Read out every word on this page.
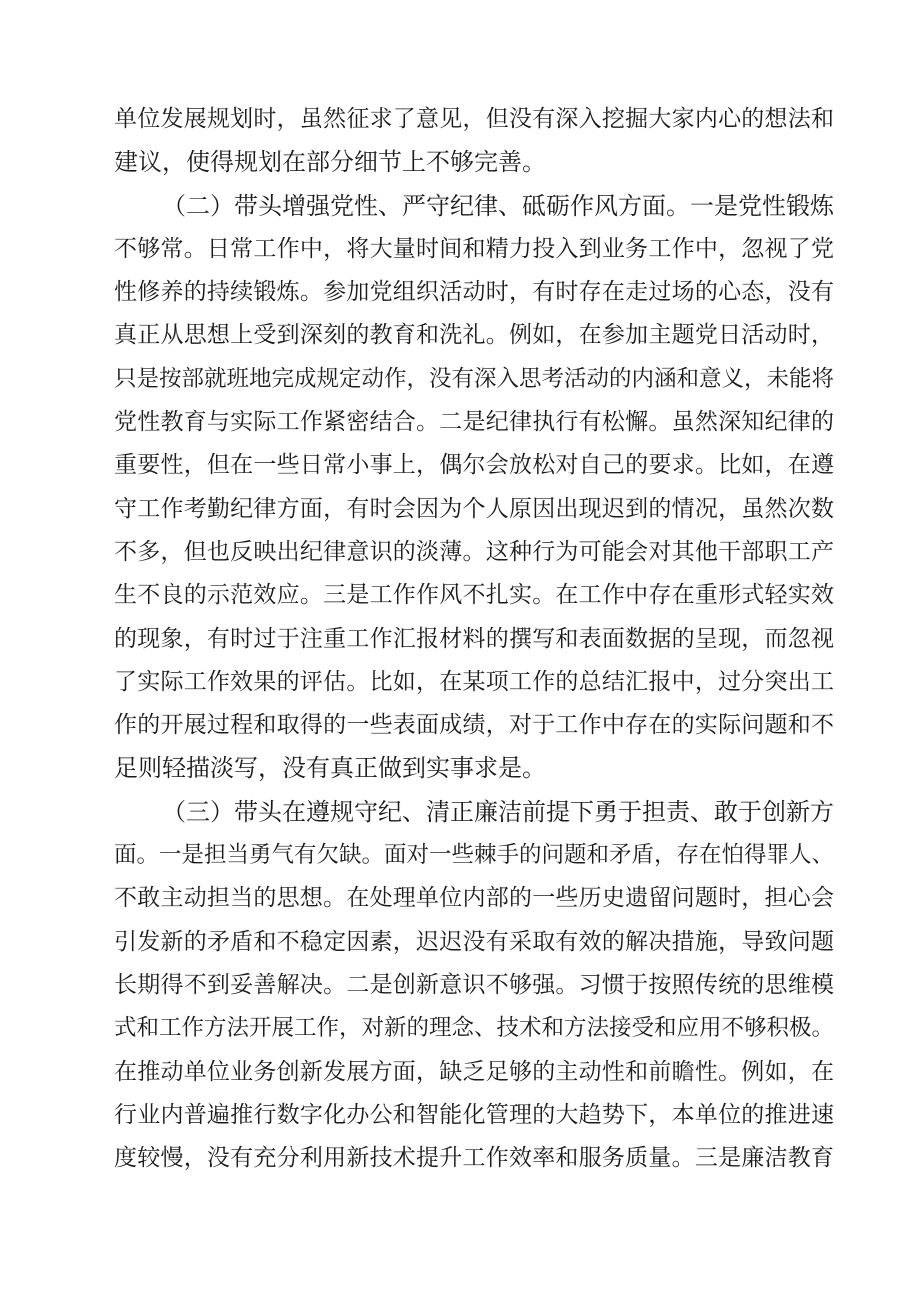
单位发展规划时，虽然征求了意见，但没有深入挖掘大家内心的想法和
建议，使得规划在部分细节上不够完善。
（二）带头增强党性、严守纪律、砥砺作风方面。一是党性锻炼
不够常。日常工作中，将大量时间和精力投入到业务工作中，忽视了党
性修养的持续锻炼。参加党组织活动时，有时存在走过场的心态，没有
真正从思想上受到深刻的教育和洗礼。例如，在参加主题党日活动时，
只是按部就班地完成规定动作，没有深入思考活动的内涵和意义，未能将
党性教育与实际工作紧密结合。二是纪律执行有松懈。虽然深知纪律的
重要性，但在一些日常小事上，偶尔会放松对自己的要求。比如，在遵
守工作考勤纪律方面，有时会因为个人原因出现迟到的情况，虽然次数
不多，但也反映出纪律意识的淡薄。这种行为可能会对其他干部职工产
生不良的示范效应。三是工作作风不扎实。在工作中存在重形式轻实效
的现象，有时过于注重工作汇报材料的撰写和表面数据的呈现，而忽视
了实际工作效果的评估。比如，在某项工作的总结汇报中，过分突出工
作的开展过程和取得的一些表面成绩，对于工作中存在的实际问题和不
足则轻描淡写，没有真正做到实事求是。
（三）带头在遵规守纪、清正廉洁前提下勇于担责、敢于创新方
面。一是担当勇气有欠缺。面对一些棘手的问题和矛盾，存在怕得罪人、
不敢主动担当的思想。在处理单位内部的一些历史遗留问题时，担心会
引发新的矛盾和不稳定因素，迟迟没有采取有效的解决措施，导致问题
长期得不到妥善解决。二是创新意识不够强。习惯于按照传统的思维模
式和工作方法开展工作，对新的理念、技术和方法接受和应用不够积极。
在推动单位业务创新发展方面，缺乏足够的主动性和前瞻性。例如，在
行业内普遍推行数字化办公和智能化管理的大趋势下，本单位的推进速
度较慢，没有充分利用新技术提升工作效率和服务质量。三是廉洁教育
